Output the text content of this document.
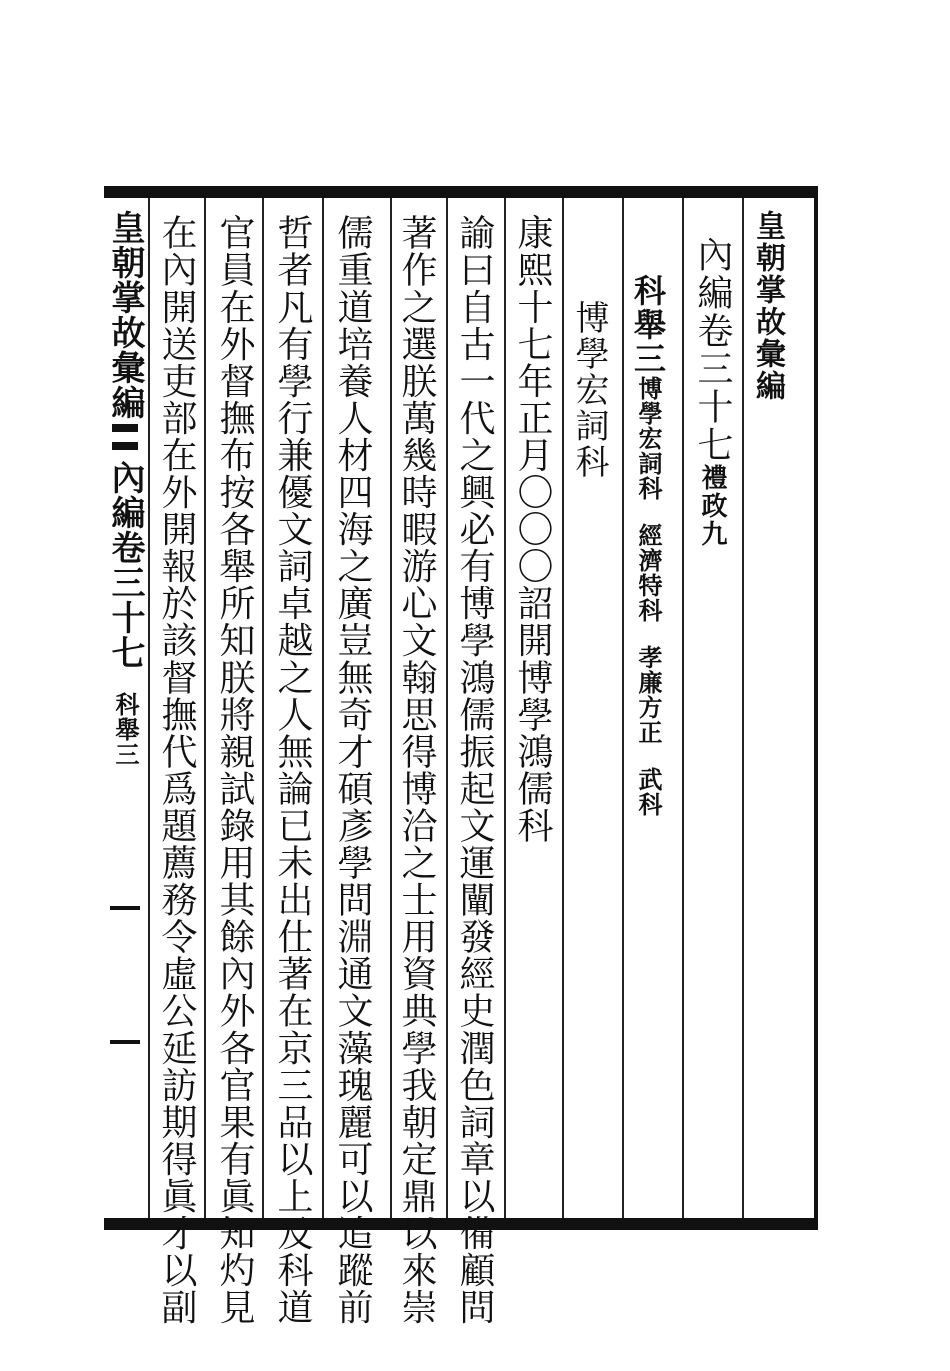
皇朝掌故彙編
內編卷三十七禮政九
科舉三博學宏詞科經濟特科孝廉方正武科
博學宏詞科
康熙十七年正月〇〇〇詔開博學鴻儒科
諭曰自古一代之興必有博學鴻儒振起文運闡發經史潤色詞章以備顧問
著作之選朕萬幾時暇游心文翰思得博洽之士用資典學我朝定鼎以來崇
儒重道培養人材四海之廣豈無奇才碩彥學問淵通文藻瑰麗可以追蹤前
哲者凡有學行兼優文詞卓越之人無論已未出仕著在京三品以上及科道
官員在外督撫布按各舉所知朕將親試錄用其餘內外各官果有眞知灼見
在內開送吏部在外開報於該督撫代爲題薦務令虛公延訪期得眞才以副
皇朝掌故彙編內編卷三十七科舉三
